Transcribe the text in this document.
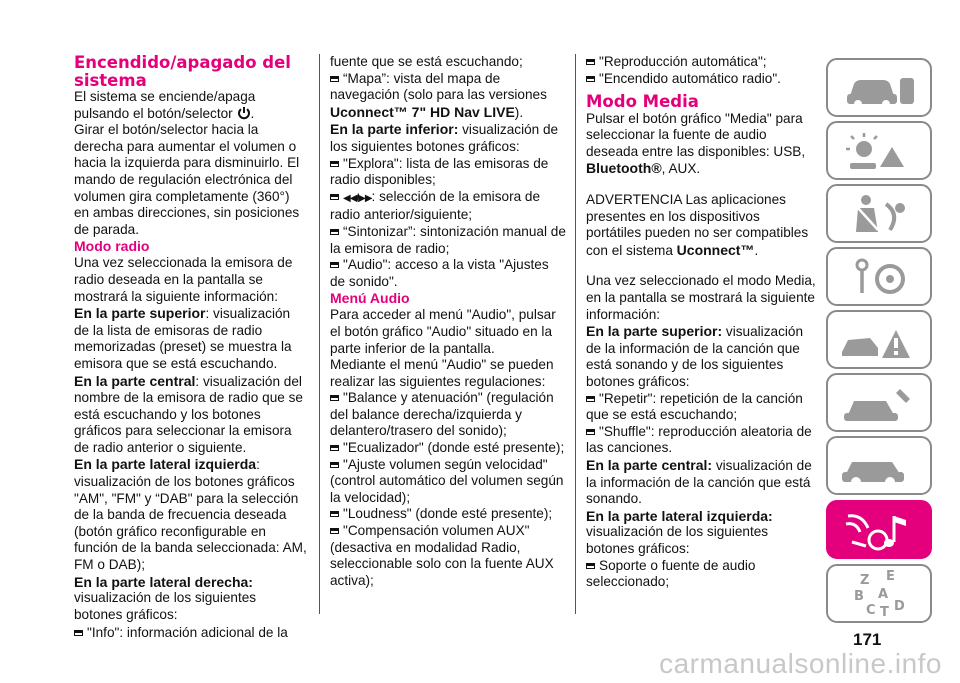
Encendido/apagado del sistema

El sistema se enciende/apaga pulsando el botón/selector .

Girar el botón/selector hacia la derecha para aumentar el volumen o hacia la izquierda para disminuirlo. El mando de regulación electrónica del volumen gira completamente (360°) en ambas direcciones, sin posiciones de parada.

Modo radio

Una vez seleccionada la emisora de radio deseada en la pantalla se mostrará la siguiente información:

En la parte superior: visualización de la lista de emisoras de radio memorizadas (preset) se muestra la emisora que se está escuchando.

En la parte central: visualización del nombre de la emisora de radio que se está escuchando y los botones gráficos para seleccionar la emisora de radio anterior o siguiente.

En la parte lateral izquierda: visualización de los botones gráficos "AM", "FM" y “DAB" para la selección de la banda de frecuencia deseada (botón gráfico reconfigurable en función de la banda seleccionada: AM, FM o DAB);

En la parte lateral derecha:

visualización de los siguientes botones gráficos:

"Info": información adicional de la

fuente que se está escuchando;

“Mapa”: vista del mapa de navegación (solo para las versiones

Uconnect™ 7" HD Nav LIVE).

En la parte inferior: visualización de los siguientes botones gráficos:

"Explora": lista de las emisoras de radio disponibles;

◀◀/▶▶: selección de la emisora de radio anterior/siguiente;

“Sintonizar”: sintonización manual de la emisora de radio;

"Audio": acceso a la vista "Ajustes de sonido".

Menú Audio

Para acceder al menú "Audio", pulsar el botón gráfico "Audio" situado en la parte inferior de la pantalla.

Mediante el menú "Audio" se pueden realizar las siguientes regulaciones:

"Balance y atenuación" (regulación del balance derecha/izquierda y delantero/trasero del sonido);

"Ecualizador" (donde esté presente);

"Ajuste volumen según velocidad" (control automático del volumen según la velocidad);

"Loudness" (donde esté presente);

"Compensación volumen AUX" (desactiva en modalidad Radio, seleccionable solo con la fuente AUX activa);

"Reproducción automática";

"Encendido automático radio".

Modo Media

Pulsar el botón gráfico "Media" para seleccionar la fuente de audio deseada entre las disponibles: USB, Bluetooth®, AUX.

ADVERTENCIA Las aplicaciones presentes en los dispositivos portátiles pueden no ser compatibles con el sistema Uconnect™.

Una vez seleccionado el modo Media, en la pantalla se mostrará la siguiente información:

En la parte superior: visualización de la información de la canción que está sonando y de los siguientes botones gráficos:

"Repetir": repetición de la canción que se está escuchando;

"Shuffle": reproducción aleatoria de las canciones.

En la parte central: visualización de la información de la canción que está sonando.

En la parte lateral izquierda:

visualización de los siguientes botones gráficos:

Soporte o fuente de audio seleccionado;	Z E
A
B
C T D
171
carmanualsonline.info
